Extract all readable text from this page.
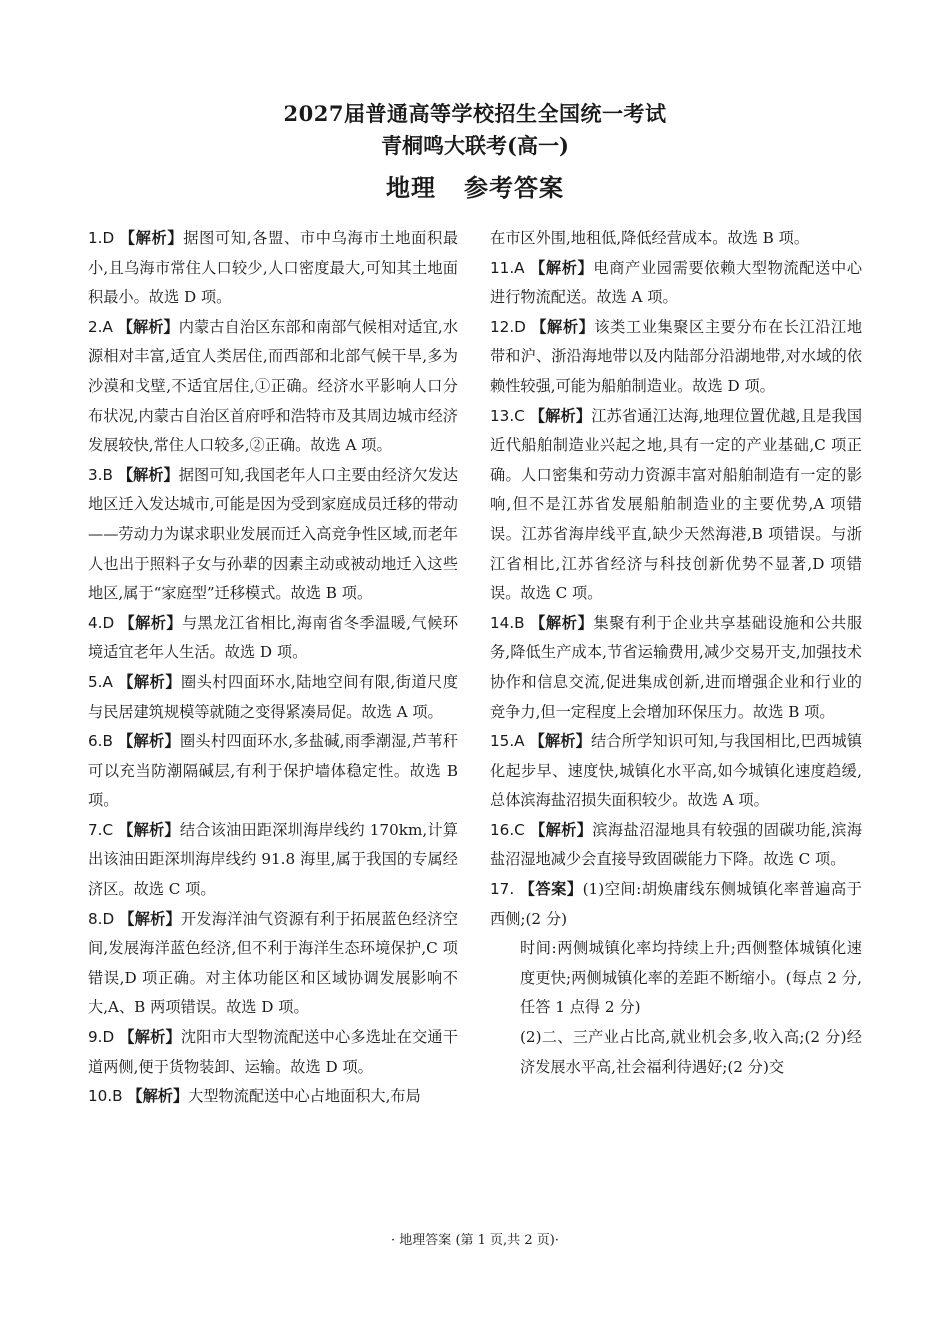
2027届普通高等学校招生全国统一考试
青桐鸣大联考(高一)
地理 参考答案

1.D 【解析】据图可知,各盟、市中乌海市土地面积最小,且乌海市常住人口较少,人口密度最大,可知其土地面积最小。故选 D 项。

2.A 【解析】内蒙古自治区东部和南部气候相对适宜,水源相对丰富,适宜人类居住,而西部和北部气候干旱,多为沙漠和戈壁,不适宜居住,①正确。经济水平影响人口分布状况,内蒙古自治区首府呼和浩特市及其周边城市经济发展较快,常住人口较多,②正确。故选 A 项。

3.B 【解析】据图可知,我国老年人口主要由经济欠发达地区迁入发达城市,可能是因为受到家庭成员迁移的带动——劳动力为谋求职业发展而迁入高竞争性区域,而老年人也出于照料子女与孙辈的因素主动或被动地迁入这些地区,属于“家庭型”迁移模式。故选 B 项。

4.D 【解析】与黑龙江省相比,海南省冬季温暖,气候环境适宜老年人生活。故选 D 项。

5.A 【解析】圈头村四面环水,陆地空间有限,街道尺度与民居建筑规模等就随之变得紧凑局促。故选 A 项。

6.B 【解析】圈头村四面环水,多盐碱,雨季潮湿,芦苇秆可以充当防潮隔碱层,有利于保护墙体稳定性。故选 B 项。

7.C 【解析】结合该油田距深圳海岸线约 170km,计算出该油田距深圳海岸线约 91.8 海里,属于我国的专属经济区。故选 C 项。

8.D 【解析】开发海洋油气资源有利于拓展蓝色经济空间,发展海洋蓝色经济,但不利于海洋生态环境保护,C 项错误,D 项正确。对主体功能区和区域协调发展影响不大,A、B 两项错误。故选 D 项。

9.D 【解析】沈阳市大型物流配送中心多选址在交通干道两侧,便于货物装卸、运输。故选 D 项。

10.B 【解析】大型物流配送中心占地面积大,布局

在市区外围,地租低,降低经营成本。故选 B 项。

11.A 【解析】电商产业园需要依赖大型物流配送中心进行物流配送。故选 A 项。

12.D 【解析】该类工业集聚区主要分布在长江沿江地带和沪、浙沿海地带以及内陆部分沿湖地带,对水域的依赖性较强,可能为船舶制造业。故选 D 项。

13.C 【解析】江苏省通江达海,地理位置优越,且是我国近代船舶制造业兴起之地,具有一定的产业基础,C 项正确。人口密集和劳动力资源丰富对船舶制造有一定的影响,但不是江苏省发展船舶制造业的主要优势,A 项错误。江苏省海岸线平直,缺少天然海港,B 项错误。与浙江省相比,江苏省经济与科技创新优势不显著,D 项错误。故选 C 项。

14.B 【解析】集聚有利于企业共享基础设施和公共服务,降低生产成本,节省运输费用,减少交易开支,加强技术协作和信息交流,促进集成创新,进而增强企业和行业的竞争力,但一定程度上会增加环保压力。故选 B 项。

15.A 【解析】结合所学知识可知,与我国相比,巴西城镇化起步早、速度快,城镇化水平高,如今城镇化速度趋缓,总体滨海盐沼损失面积较少。故选 A 项。

16.C 【解析】滨海盐沼湿地具有较强的固碳功能,滨海盐沼湿地减少会直接导致固碳能力下降。故选 C 项。

17. 【答案】(1)空间:胡焕庸线东侧城镇化率普遍高于西侧;(2 分)

时间:两侧城镇化率均持续上升;西侧整体城镇化速度更快;两侧城镇化率的差距不断缩小。(每点 2 分,任答 1 点得 2 分)

(2)二、三产业占比高,就业机会多,收入高;(2 分)经济发展水平高,社会福利待遇好;(2 分)交

· 地理答案 (第 1 页,共 2 页)·
